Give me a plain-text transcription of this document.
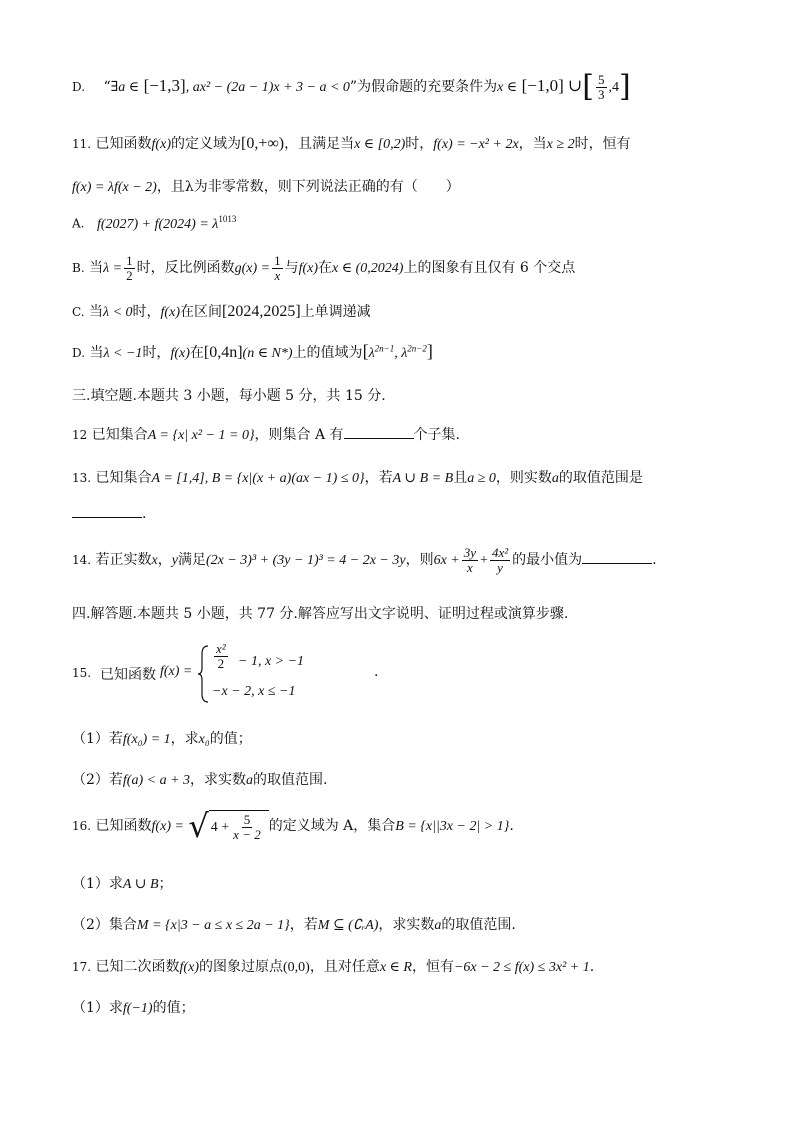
D. “∃a ∈ [−1,3], ax² − (2a − 1)x + 3 − a < 0”为假命题的充要条件为x ∈ [−1,0] ∪[ $\frac{5}{3} ,4$]
11. 已知函数f(x)的定义域为[0,+∞)，且满足当x ∈ [0,2)时，f(x) = −x² + 2x，当x ≥ 2时，恒有
f(x) = λf(x − 2)，且λ为非零常数，则下列说法正确的有（　　）
A. $f(2027) + f(2024) = \lambda^{1013}$
B. 当$\lambda = \frac{1}{2}$ 时，反比例函数$g(x) = \frac{1}{x}$ 与f(x)在x ∈ (0,2024)上的图象有且仅有 6 个交点
C. 当λ < 0时，f(x)在区间[2024,2025]上单调递减
D. 当λ < −1时，f(x)在[0,4n](n ∈ N*)上的值域为[$\lambda^{2n-1}$, $\lambda^{2n-2}$]
三.填空题.本题共 3 小题，每小题 5 分，共 15 分.
12 已知集合A = {x| x² − 1 = 0}，则集合 A 有	个子集.
13. 已知集合A = [1,4], B = {x|(x + a)(ax − 1) ≤ 0}，若A ∪ B = B且a ≥ 0，则实数a的取值范围是
.
14. 若正实数x，y满足(2x − 3)³ + (3y − 1)³ = 4 − 2x − 3y，则$6x + \frac{3y}{x} + \frac{\text{4x²}}{y}$ 的最小值为	.
四.解答题.本题共 5 小题，共 77 分.解答应写出文字说明、证明过程或演算步骤.
15. 已知函数 f(x) =
$\frac{\text{x²}}{2} - 1$, x > −1
−x − 2, x ≤ −1
.
（1）若f(x₀) = 1，求x₀的值；
（2）若f(a) < a + 3，求实数a的取值范围.
16. 已知函数f(x) = √ $4 + \frac{5}{x - 2}$ 的定义域为 A，集合B = {x||3x − 2| > 1}.
（1）求A ∪ B；
（2）集合M = {x|3 − a ≤ x ≤ 2a − 1}，若M ⊆ (∁ᵣA)，求实数a的取值范围.
17. 已知二次函数f(x)的图象过原点(0,0)，且对任意x ∈ R，恒有−6x − 2 ≤ f(x) ≤ 3x² + 1.
（1）求f(−1)的值；
